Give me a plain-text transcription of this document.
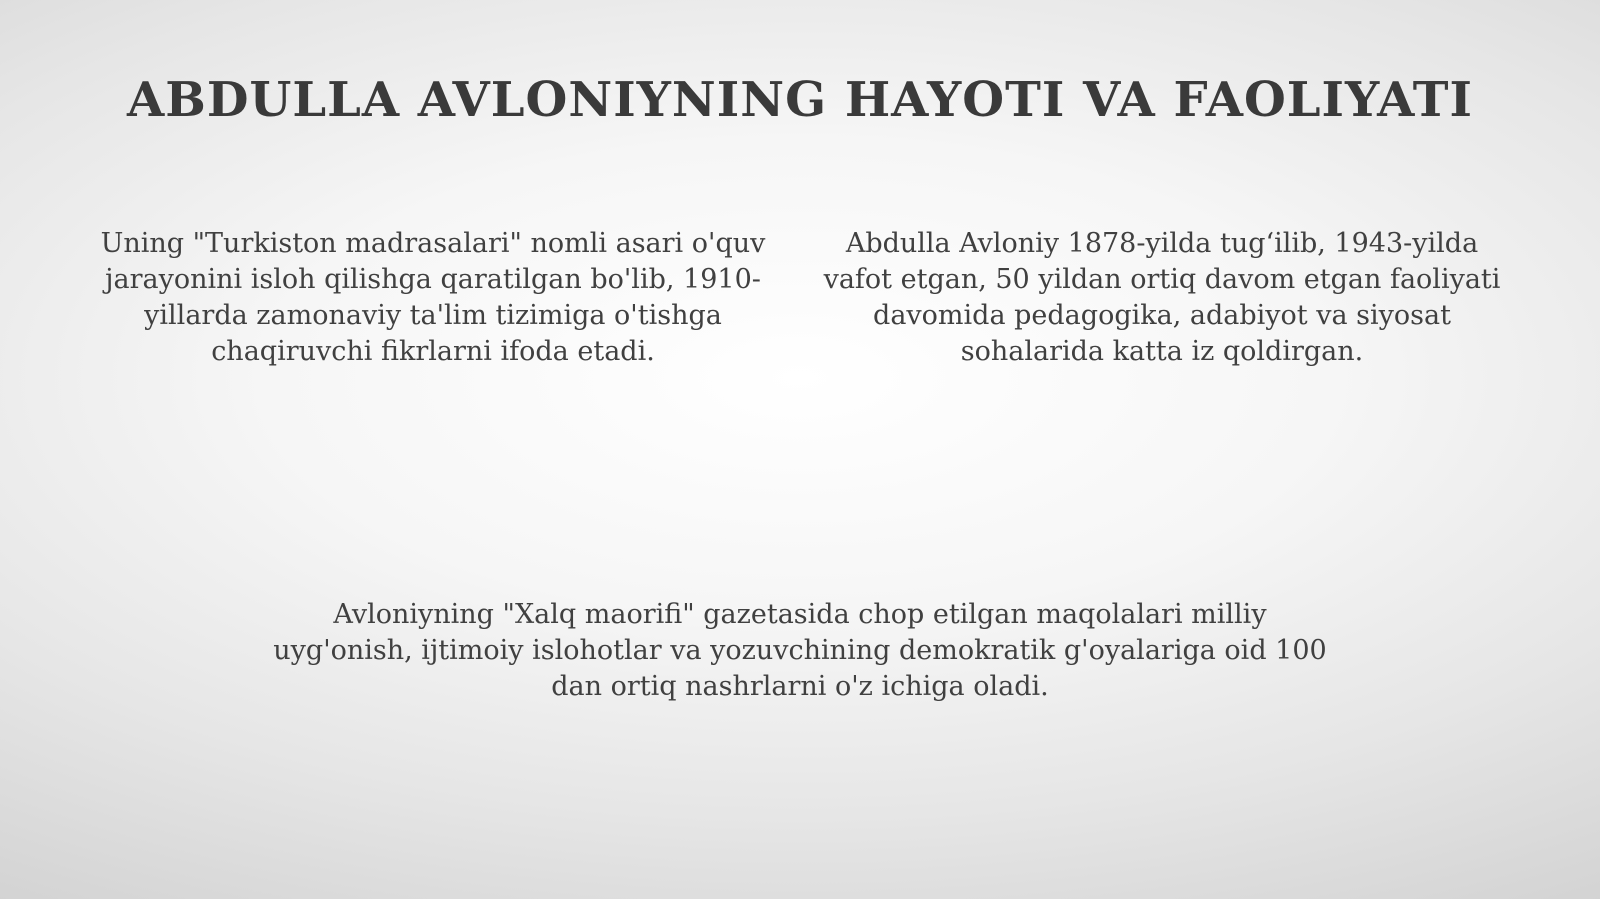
ABDULLA AVLONIYNING HAYOTI VA FAOLIYATI

Uning "Turkiston madrasalari" nomli asari o'quv jarayonini isloh qilishga qaratilgan bo'lib, 1910-yillarda zamonaviy ta'lim tizimiga o'tishga chaqiruvchi fikrlarni ifoda etadi.

Abdulla Avloniy 1878-yilda tug‘ilib, 1943-yilda vafot etgan, 50 yildan ortiq davom etgan faoliyati davomida pedagogika, adabiyot va siyosat sohalarida katta iz qoldirgan.

Avloniyning "Xalq maorifi" gazetasida chop etilgan maqolalari milliy uyg'onish, ijtimoiy islohotlar va yozuvchining demokratik g'oyalariga oid 100 dan ortiq nashrlarni o'z ichiga oladi.
